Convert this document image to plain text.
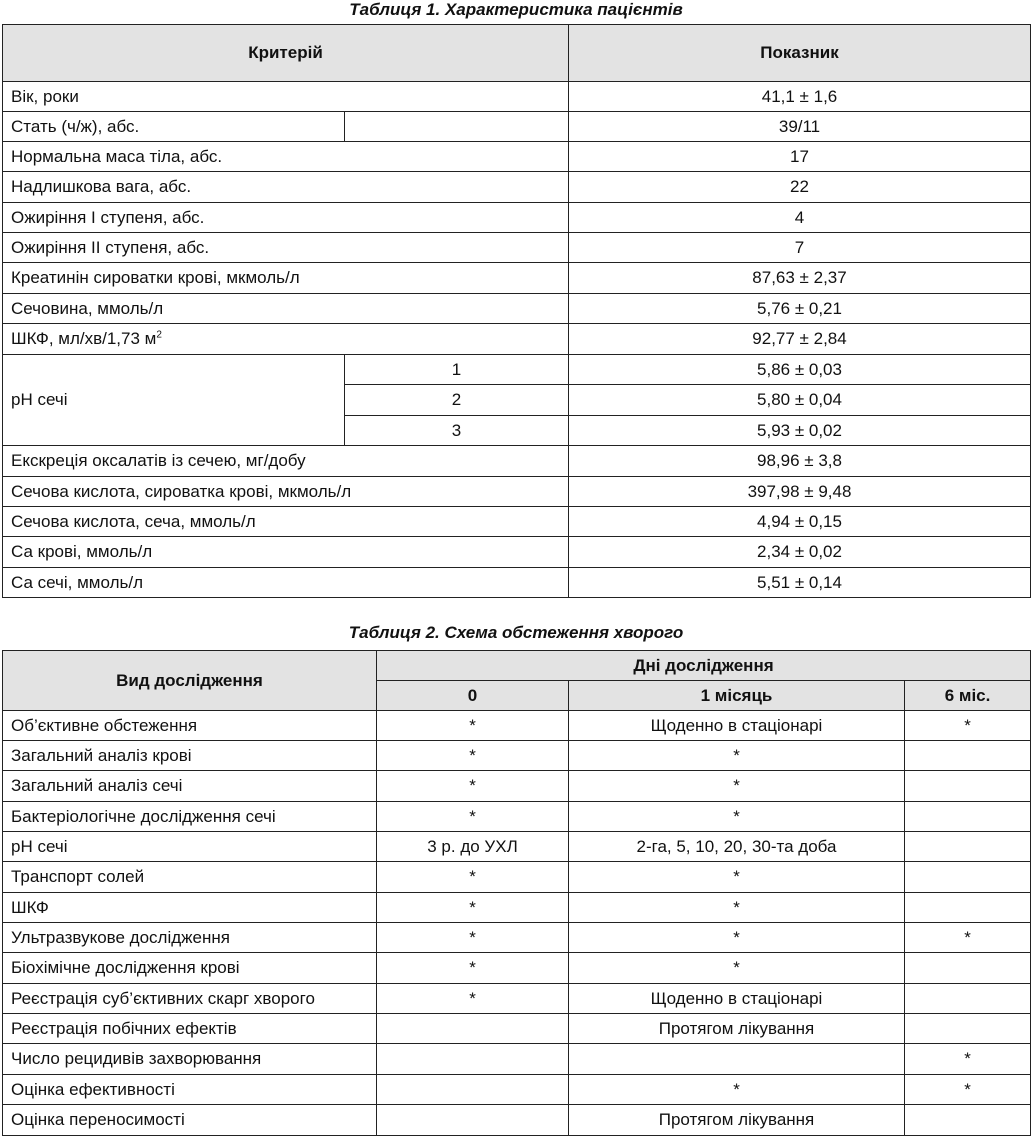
Таблиця 1. Характеристика пацієнтів
Критерій		Показник
Вік, роки		41,1 ± 1,6
Стать (ч/ж), абс.		39/11
Нормальна маса тіла, абс.		17
Надлишкова вага, абс.		22
Ожиріння І ступеня, абс.		4
Ожиріння ІІ ступеня, абс.		7
Креатинін сироватки крові, мкмоль/л		87,63 ± 2,37
Сечовина, ммоль/л		5,76 ± 0,21
ШКФ, мл/хв/1,73 $м^2$		92,77 ± 2,84
рН сечі	1	5,86 ± 0,03
	2	5,80 ± 0,04
	3	5,93 ± 0,02
Екскреція оксалатів із сечею, мг/добу		98,96 ± 3,8
Сечова кислота, сироватка крові, мкмоль/л		397,98 ± 9,48
Сечова кислота, сеча, ммоль/л		4,94 ± 0,15
Са крові, ммоль/л		2,34 ± 0,02
Са сечі, ммоль/л		5,51 ± 0,14
Таблиця 2. Схема обстеження хворого
Вид дослідження	Дні дослідження		
	0	1 місяць	6 міс.
Об’єктивне обстеження	*	Щоденно в стаціонарі	*
Загальний аналіз крові	*	*	
Загальний аналіз сечі	*	*	
Бактеріологічне дослідження сечі	*	*	
рН сечі	3 р. до УХЛ	2-га, 5, 10, 20, 30-та доба	
Транспорт солей	*	*	
ШКФ	*	*	
Ультразвукове дослідження	*	*	*
Біохімічне дослідження крові	*	*	
Реєстрація суб’єктивних скарг хворого	*	Щоденно в стаціонарі	
Реєстрація побічних ефектів		Протягом лікування	
Число рецидивів захворювання			*
Оцінка ефективності		*	*
Оцінка переносимості		Протягом лікування	
